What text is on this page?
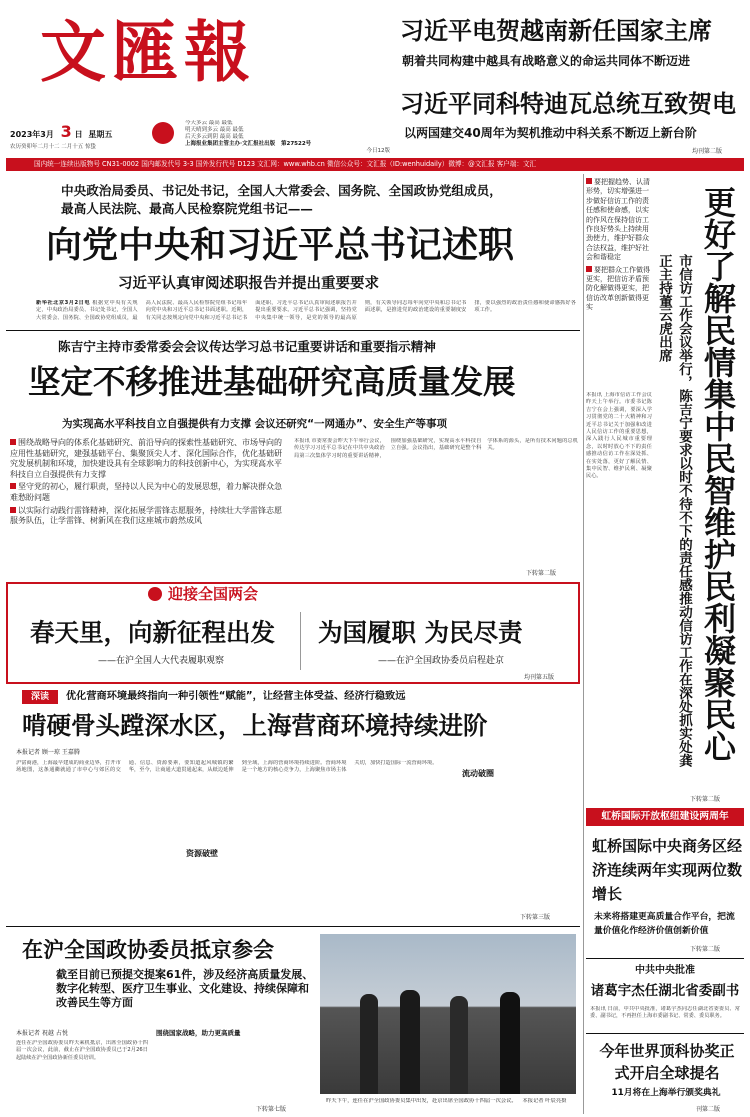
文匯報
2023年3月 3 日 星期五
农历癸卯年二月十二 二月十五 惊蛰
今天多云 最高 最低
明天晴到多云 最高 最低
后天多云到阴 最高 最低
上海报业集团主管主办·文汇报社出版 第27522号
今日12版
习近平电贺越南新任国家主席
朝着共同构建中越具有战略意义的命运共同体不断迈进
习近平同科特迪瓦总统互致贺电
以两国建交40周年为契机推动中科关系不断迈上新台阶
均刊第二版
国内统一连续出版物号 CN31-0002 国内邮发代号 3-3 国外发行代号 D123 文汇网：www.whb.cn 微信公众号：文汇报（ID:wenhuidaily）微博：@文汇报 客户端：文汇
中央政治局委员、书记处书记，全国人大常委会、国务院、全国政协党组成员，
最高人民法院、最高人民检察院党组书记——
向党中央和习近平总书记述职
习近平认真审阅述职报告并提出重要要求
新华社北京3月2日电 根据党中央有关规定，中央政治局委员、书记处书记，全国人大常委会、国务院、全国政协党组成员，最高人民法院、最高人民检察院党组书记每年向党中央和习近平总书记书面述职。近期，有关同志按规定向党中央和习近平总书记书面述职，习近平总书记认真审阅述职报告并提出重要要求。习近平总书记强调，坚持党中央集中统一领导，是党的领导的最高原则，有关领导同志每年向党中央和总书记书面述职，是推进党的政治建设的重要制度安排，要以强烈的政治责任感和使命感抓好各项工作。
陈吉宁主持市委常委会会议传达学习总书记重要讲话和重要指示精神
坚定不移推进基础研究高质量发展
为实现高水平科技自立自强提供有力支撑 会议还研究“一网通办”、安全生产等事项
围绕战略导向的体系化基础研究、前沿导向的探索性基础研究、市场导向的应用性基础研究，建强基础平台、集聚顶尖人才、深化国际合作，优化基础研究发展机制和环境，加快建设具有全球影响力的科技创新中心，为实现高水平科技自立自强提供有力支撑
坚守党的初心，履行职责，坚持以人民为中心的发展思想，着力解决群众急难愁盼问题
以实际行动践行雷锋精神，深化拓展学雷锋志愿服务，持续壮大学雷锋志愿服务队伍，让学雷锋、树新风在我们这座城市蔚然成风
本报讯 市委常委会昨天下午举行会议，传达学习习近平总书记在中共中央政治局第三次集体学习时的重要讲话精神，围绕加强基础研究，实现高水平科技自立自强。会议指出，基础研究是整个科学体系的源头，是所有技术问题的总机关。
下转第二版
迎接全国两会
春天里，向新征程出发
——在沪全国人大代表履职观察
为国履职 为民尽责
——在沪全国政协委员启程赴京
均刊第五版
深读	优化营商环境最终指向一种引领性“赋能”，让经营主体受益、经济行稳致远
啃硬骨头蹚深水区，上海营商环境持续进阶
本报记者 顾一琼 王嘉腾
沪富商港，上海最早建成的商业边界，打开市场地图，这条通衢就通了市中心与郊区的交通、信息、资源要素，要知道起风城镇的繁华，至今，让商通大道贯通起来，从纸边延伸到全域，上海的营商环境持续进阶。营商环境是一个地方的核心竞争力，上海聚焦市场主体关切，加快打造国际一流营商环境。
流动破圈
资源破壁
下转第三版
在沪全国政协委员抵京参会
截至目前已预提交提案61件，涉及经济高质量发展、数字化转型、医疗卫生事业、文化建设、持续保障和改善民生等方面
本报记者 祝越 占悦
连任在沪全国政协委员昨天乘机抵京，出席全国政协十四届一次会议，此前，截止在沪全国政协委员已于2月26日起陆续在沪全国政协新任委员培训。
围绕国家战略，助力更高质量
昨天下午，连任在沪全国政协委员集中出发，赴京出席全国政协十四届一次会议。 本报记者 叶辰亮摄
下转第七版
要把握趋势、认清形势，切实增强进一步做好信访工作的责任感和使命感，以实的作风在保持信访工作良好势头上持续用劲使力，维护好群众合法权益，维护好社会和谐稳定
要把群众工作做得更实，把信访矛盾预防化解做得更实，把信访改革创新做得更实	更好了解民情集中民智维护民利凝聚民心
市信访工作会议举行，陈吉宁要求以时不待不下的责任感推动信访工作在深处抓实处龚正主持董云虎出席
本报讯 上海市信访工作会议昨天上午举行。市委书记陈吉宁在会上强调，要深入学习贯彻党的二十大精神和习近平总书记关于加强和改进人民信访工作的重要思想，深入践行人民城市重要理念，以时时放心不下的责任感推动信访工作在深处抓、在实处落，更好了解民情、集中民智、维护民利、凝聚民心。
下转第二版
虹桥国际开放枢纽建设两周年
虹桥国际中央商务区经济连续两年实现两位数增长
未来将搭建更高质量合作平台，把流量价值化作经济价值创新价值
下转第二版
中共中央批准
诸葛宇杰任湖北省委副书
本报讯 日前，中共中央批准，诸葛宇杰同志任湖北省委委员、常委、副书记，不再担任上海市委副书记、常委、委员职务。
今年世界顶科协奖正式开启全球提名
11月将在上海举行颁奖典礼
刊第二版
